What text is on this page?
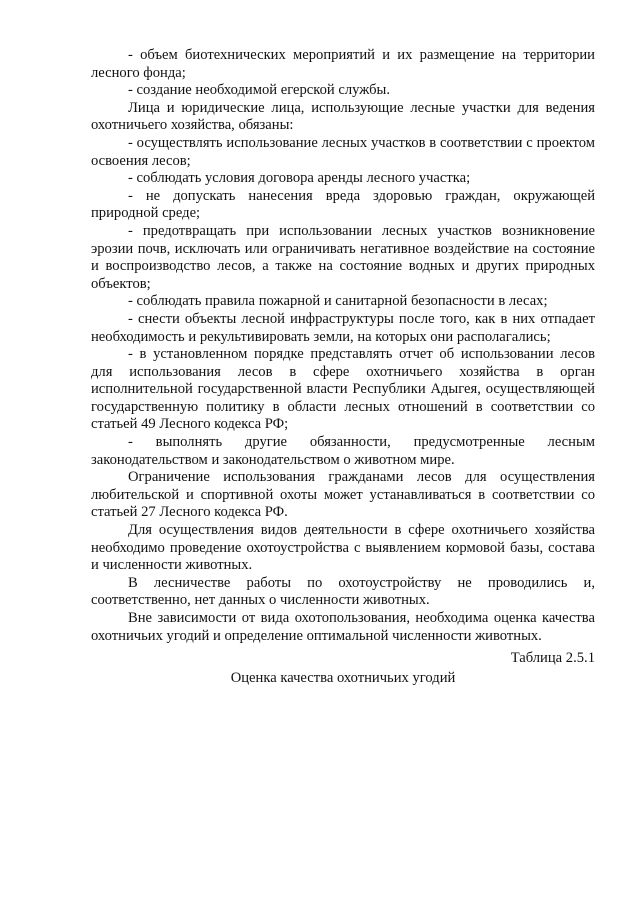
- объем биотехнических мероприятий и их размещение на территории лесного фонда;

- создание необходимой егерской службы.

Лица и юридические лица, использующие лесные участки для ведения охотничьего хозяйства, обязаны:

- осуществлять использование лесных участков в соответствии с проектом освоения лесов;

- соблюдать условия договора аренды лесного участка;

- не допускать нанесения вреда здоровью граждан, окружающей природной среде;

- предотвращать при использовании лесных участков возникновение эрозии почв, исключать или ограничивать негативное воздействие на состояние и воспроизводство лесов, а также на состояние водных и других природных объектов;

- соблюдать правила пожарной и санитарной безопасности в лесах;

- снести объекты лесной инфраструктуры после того, как в них отпадает необходимость и рекультивировать земли, на которых они располагались;

- в установленном порядке представлять отчет об использовании лесов для использования лесов в сфере охотничьего хозяйства в орган исполнительной государственной власти Республики Адыгея, осуществляющей государственную политику в области лесных отношений в соответствии со статьей 49 Лесного кодекса РФ;

- выполнять другие обязанности, предусмотренные лесным законодательством и законодательством о животном мире.

Ограничение использования гражданами лесов для осуществления любительской и спортивной охоты может устанавливаться в соответствии со статьей 27 Лесного кодекса РФ.

Для осуществления видов деятельности в сфере охотничьего хозяйства необходимо проведение охотоустройства с выявлением кормовой базы, состава и численности животных.

В лесничестве работы по охотоустройству не проводились и, соответственно, нет данных о численности животных.

Вне зависимости от вида охотопользования, необходима оценка качества охотничьих угодий и определение оптимальной численности животных.

Таблица 2.5.1

Оценка качества охотничьих угодий
